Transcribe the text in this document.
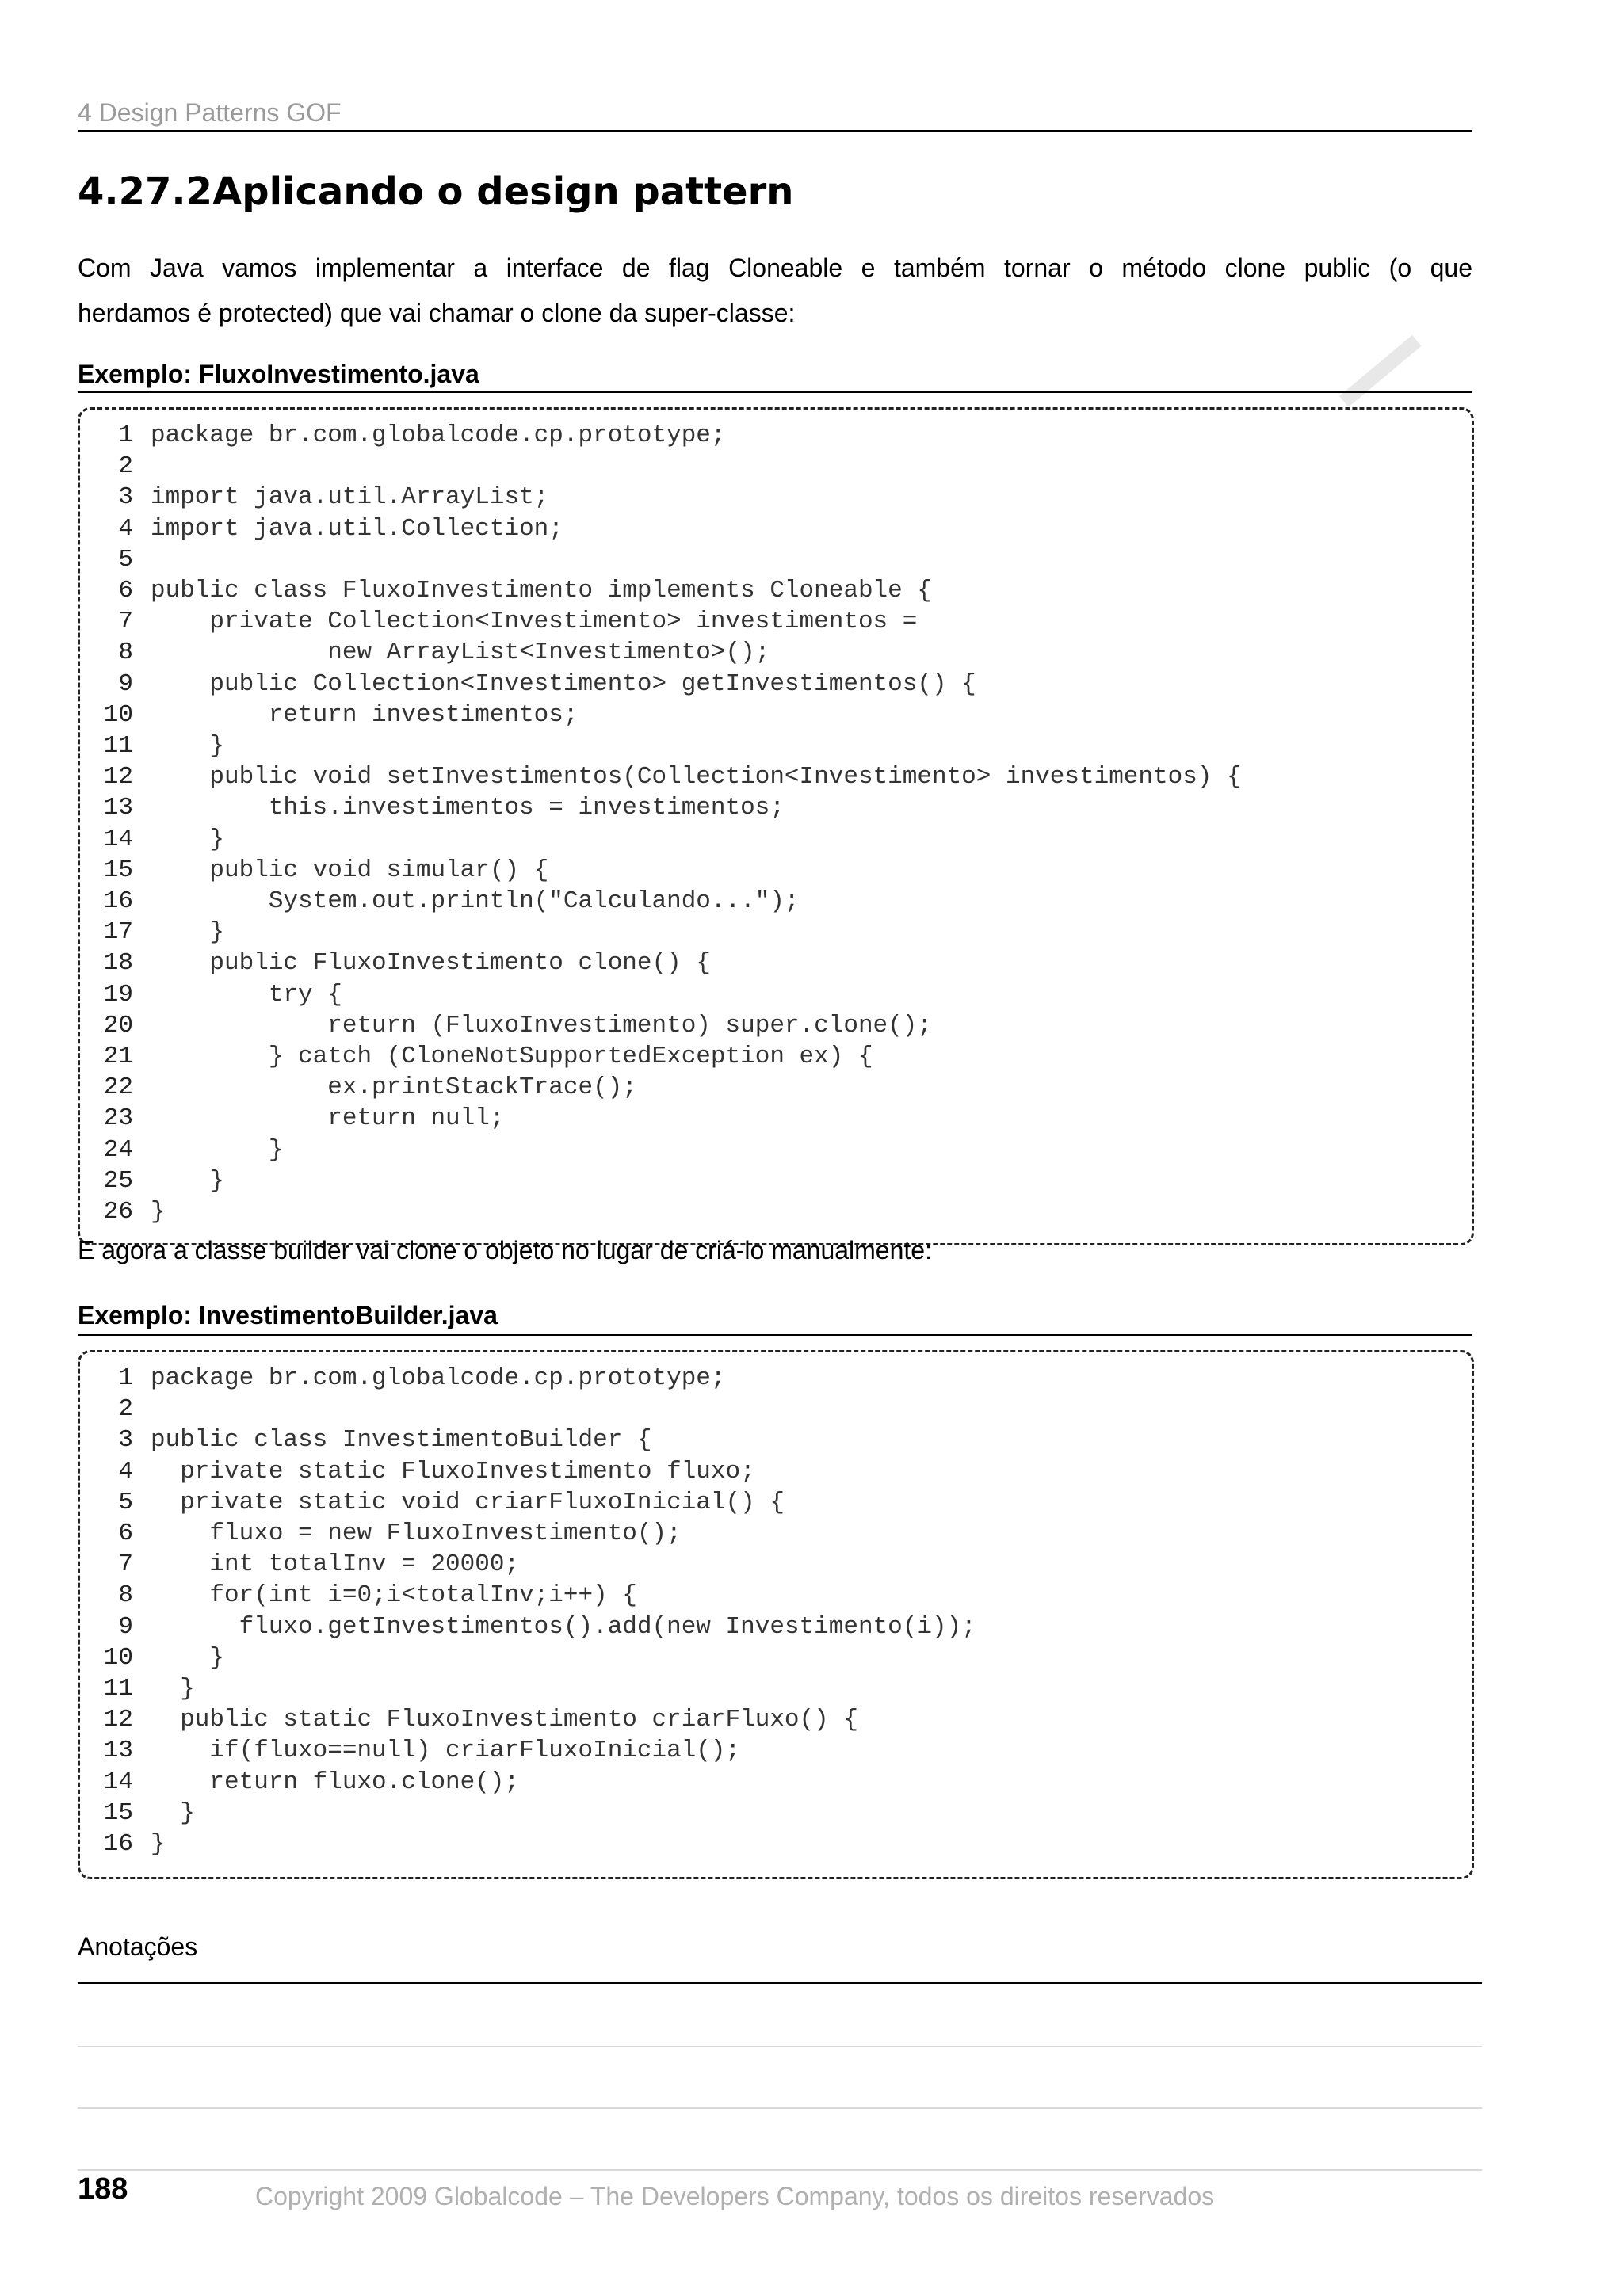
4 Design Patterns GOF
4.27.2Aplicando o design pattern
Com Java vamos implementar a interface de flag Cloneable e também tornar o método clone public (o que
herdamos é protected) que vai chamar o clone da super-classe:
Exemplo: FluxoInvestimento.java
1 package br.com.globalcode.cp.prototype;
2
3 import java.util.ArrayList;
4 import java.util.Collection;
5
6 public class FluxoInvestimento implements Cloneable {
7    private Collection<Investimento> investimentos =
8            new ArrayList<Investimento>();
9    public Collection<Investimento> getInvestimentos() {
10        return investimentos;
11    }
12    public void setInvestimentos(Collection<Investimento> investimentos) {
13        this.investimentos = investimentos;
14    }
15    public void simular() {
16        System.out.println("Calculando...");
17    }
18    public FluxoInvestimento clone() {
19        try {
20            return (FluxoInvestimento) super.clone();
21        } catch (CloneNotSupportedException ex) {
22            ex.printStackTrace();
23            return null;
24        }
25    }
26 }
E agora a classe builder vai clone o objeto no lugar de criá-lo manualmente:
Exemplo: InvestimentoBuilder.java
1 package br.com.globalcode.cp.prototype;
2
3 public class InvestimentoBuilder {
4  private static FluxoInvestimento fluxo;
5  private static void criarFluxoInicial() {
6    fluxo = new FluxoInvestimento();
7    int totalInv = 20000;
8    for(int i=0;i<totalInv;i++) {
9      fluxo.getInvestimentos().add(new Investimento(i));
10    }
11  }
12  public static FluxoInvestimento criarFluxo() {
13    if(fluxo==null) criarFluxoInicial();
14    return fluxo.clone();
15  }
16 }
Anotações
188	Copyright 2009 Globalcode – The Developers Company, todos os direitos reservados
